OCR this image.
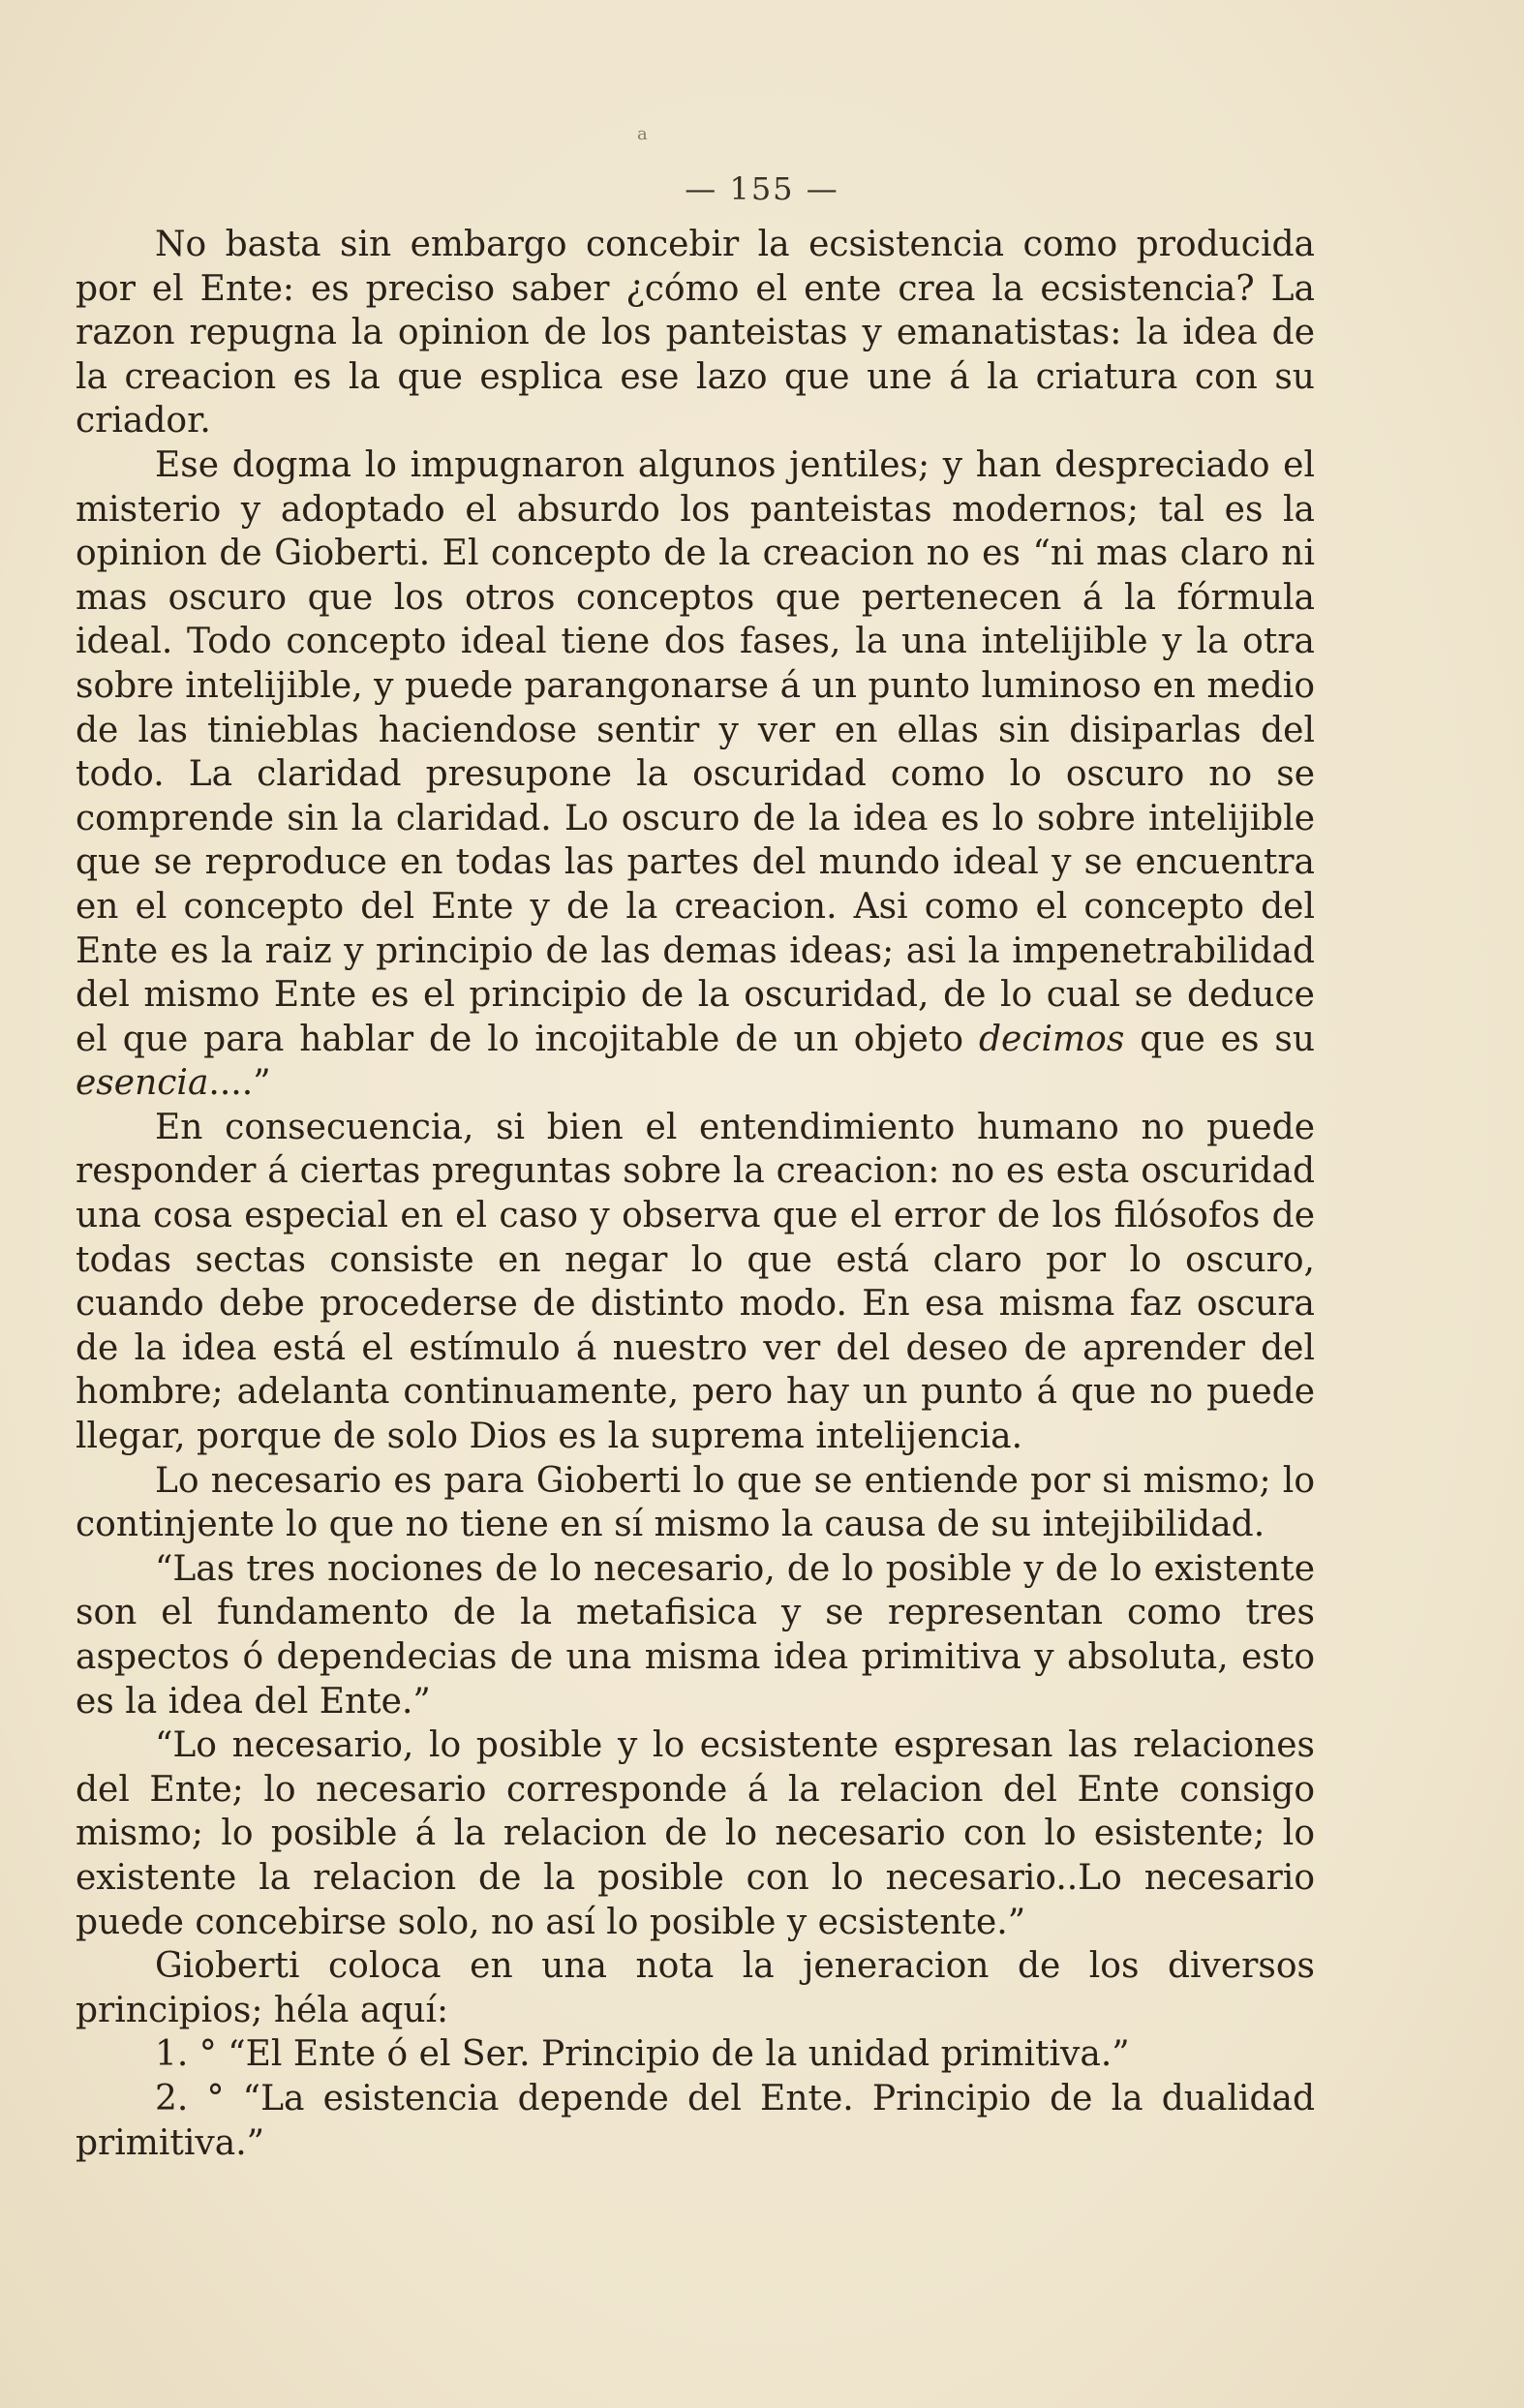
a
— 155 —

No basta sin embargo concebir la ecsistencia como producida por el Ente: es preciso saber ¿cómo el ente crea la ecsistencia? La razon repugna la opinion de los panteistas y emanatistas: la idea de la creacion es la que esplica ese lazo que une á la criatura con su criador.

Ese dogma lo impugnaron algunos jentiles; y han despreciado el misterio y adoptado el absurdo los panteistas modernos; tal es la opinion de Gioberti. El concepto de la creacion no es “ni mas claro ni mas oscuro que los otros conceptos que pertenecen á la fórmula ideal. Todo concepto ideal tiene dos fases, la una intelijible y la otra sobre intelijible, y puede parangonarse á un punto luminoso en medio de las tinieblas haciendose sentir y ver en ellas sin disiparlas del todo. La claridad presupone la oscuridad como lo oscuro no se comprende sin la claridad. Lo oscuro de la idea es lo sobre intelijible que se reproduce en todas las partes del mundo ideal y se encuentra en el concepto del Ente y de la creacion. Asi como el concepto del Ente es la raiz y principio de las demas ideas; asi la impenetrabilidad del mismo Ente es el principio de la oscuridad, de lo cual se deduce el que para hablar de lo incojitable de un objeto decimos que es su esencia....”

En consecuencia, si bien el entendimiento humano no puede responder á ciertas preguntas sobre la creacion: no es esta oscuridad una cosa especial en el caso y observa que el error de los filósofos de todas sectas consiste en negar lo que está claro por lo oscuro, cuando debe procederse de distinto modo. En esa misma faz oscura de la idea está el estímulo á nuestro ver del deseo de aprender del hombre; adelanta continuamente, pero hay un punto á que no puede llegar, porque de solo Dios es la suprema intelijencia.

Lo necesario es para Gioberti lo que se entiende por si mismo; lo continjente lo que no tiene en sí mismo la causa de su intejibilidad.

“Las tres nociones de lo necesario, de lo posible y de lo existente son el fundamento de la metafisica y se representan como tres aspectos ó dependecias de una misma idea primitiva y absoluta, esto es la idea del Ente.”

“Lo necesario, lo posible y lo ecsistente espresan las relaciones del Ente; lo necesario corresponde á la relacion del Ente consigo mismo; lo posible á la relacion de lo necesario con lo esistente; lo existente la relacion de la posible con lo necesario..Lo necesario puede concebirse solo, no así lo posible y ecsistente.”

Gioberti coloca en una nota la jeneracion de los diversos principios; héla aquí:

1. ° “El Ente ó el Ser. Principio de la unidad primitiva.”

2. ° “La esistencia depende del Ente. Principio de la dualidad primitiva.”
